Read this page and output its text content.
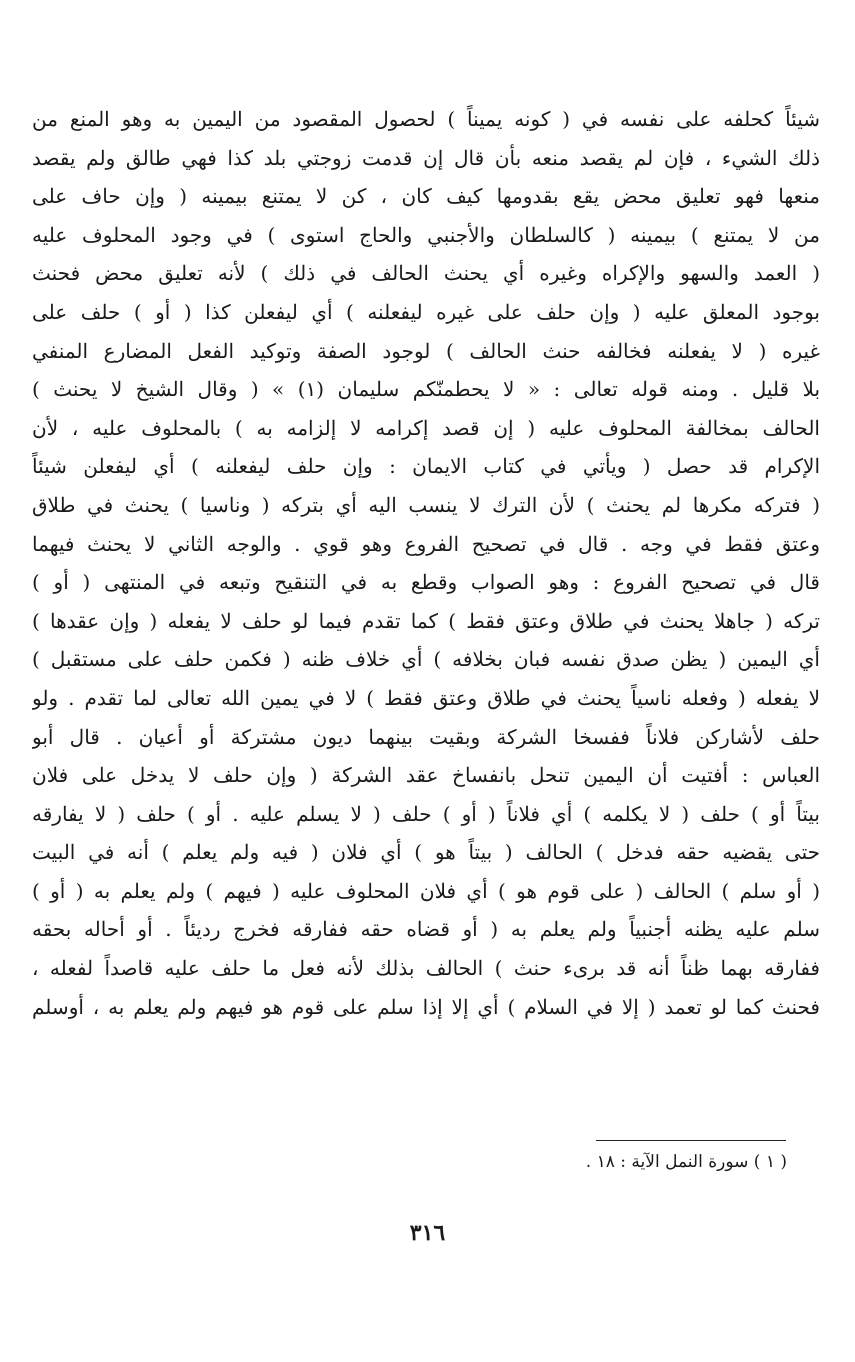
شيئاً كحلفه على نفسه في ( كونه يميناً ) لحصول المقصود من اليمين به وهو المنع من
ذلك الشيء ، فإن لم يقصد منعه بأن قال إن قدمت زوجتي بلد كذا فهي طالق ولم يقصد
منعها فهو تعليق محض يقع بقدومها كيف كان ، كن لا يمتنع بيمينه ( وإن حاف على
من لا يمتنع ) بيمينه ( كالسلطان والأجنبي والحاج استوى ) في وجود المحلوف عليه
( العمد والسهو والإكراه وغيره أي يحنث الحالف في ذلك ) لأنه تعليق محض فحنث
بوجود المعلق عليه ( وإن حلف على غيره ليفعلنه ) أي ليفعلن كذا ( أو ) حلف على
غيره ( لا يفعلنه فخالفه حنث الحالف ) لوجود الصفة وتوكيد الفعل المضارع المنفي
بلا قليل . ومنه قوله تعالى : « لا يحطمنّكم سليمان (١) » ( وقال الشيخ لا يحنث )
الحالف بمخالفة المحلوف عليه ( إن قصد إكرامه لا إلزامه به ) بالمحلوف عليه ، لأن
الإكرام قد حصل ( ويأتي في كتاب الايمان : وإن حلف ليفعلنه ) أي ليفعلن شيئاً
( فتركه مكرها لم يحنث ) لأن الترك لا ينسب اليه أي بتركه ( وناسيا ) يحنث في طلاق
وعتق فقط في وجه . قال في تصحيح الفروع وهو قوي . والوجه الثاني لا يحنث فيهما
قال في تصحيح الفروع : وهو الصواب وقطع به في التنقيح وتبعه في المنتهى ( أو )
تركه ( جاهلا يحنث في طلاق وعتق فقط ) كما تقدم فيما لو حلف لا يفعله ( وإن عقدها )
أي اليمين ( يظن صدق نفسه فبان بخلافه ) أي خلاف ظنه ( فكمن حلف على مستقبل )
لا يفعله ( وفعله ناسياً يحنث في طلاق وعتق فقط ) لا في يمين الله تعالى لما تقدم . ولو
حلف لأشاركن فلاناً ففسخا الشركة وبقيت بينهما ديون مشتركة أو أعيان . قال أبو
العباس : أفتيت أن اليمين تنحل بانفساخ عقد الشركة ( وإن حلف لا يدخل على فلان
بيتاً أو ) حلف ( لا يكلمه ) أي فلاناً ( أو ) حلف ( لا يسلم عليه . أو ) حلف ( لا يفارقه
حتى يقضيه حقه فدخل ) الحالف ( بيتاً هو ) أي فلان ( فيه ولم يعلم ) أنه في البيت
( أو سلم ) الحالف ( على قوم هو ) أي فلان المحلوف عليه ( فيهم ) ولم يعلم به ( أو )
سلم عليه يظنه أجنبياً ولم يعلم به ( أو قضاه حقه ففارقه فخرج رديئاً . أو أحاله بحقه
ففارقه بهما ظناً أنه قد برىء حنث ) الحالف بذلك لأنه فعل ما حلف عليه قاصداً لفعله ،
فحنث كما لو تعمد ( إلا في السلام ) أي إلا إذا سلم على قوم هو فيهم ولم يعلم به ، أوسلم
( ١ ) سورة النمل الآية : ١٨ .
٣١٦
